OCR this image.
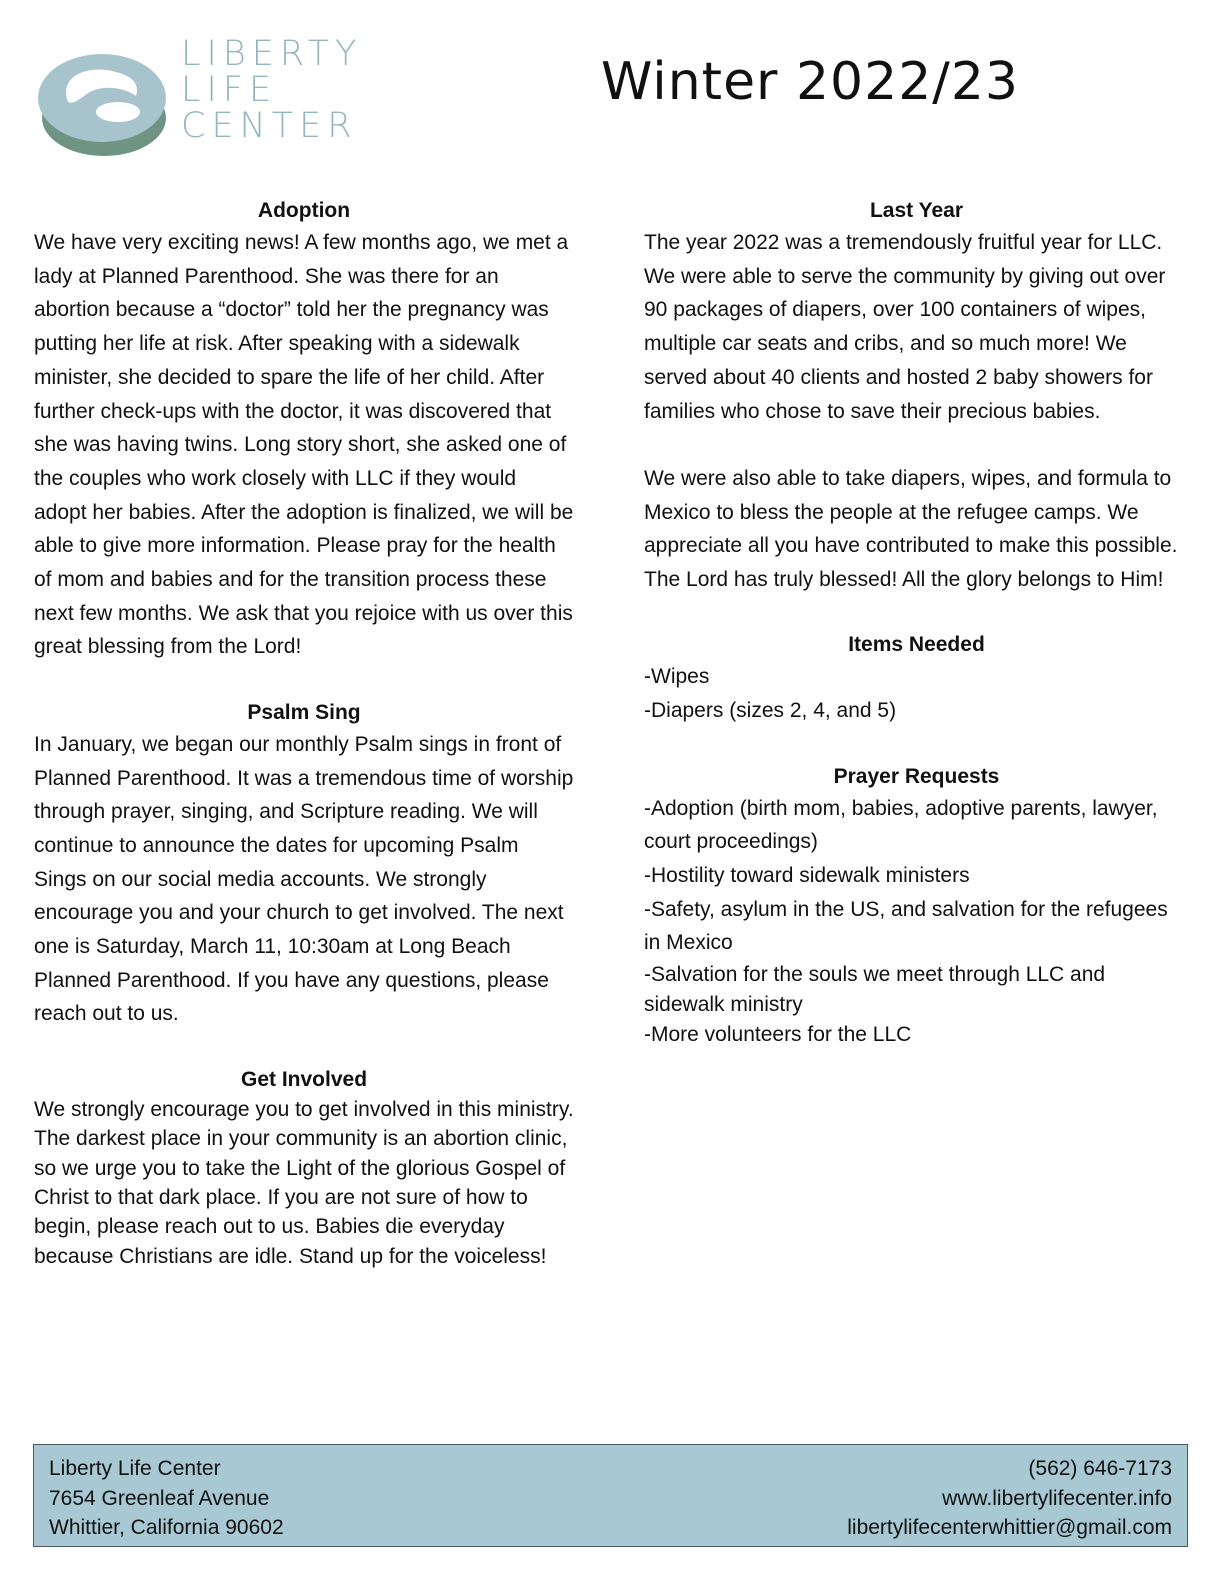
LIBERTY
LIFE
CENTER
Winter 2022/23
Adoption

We have very exciting news! A few months ago, we met a lady at Planned Parenthood. She was there for an abortion because a “doctor” told her the pregnancy was putting her life at risk. After speaking with a sidewalk minister, she decided to spare the life of her child. After further check-ups with the doctor, it was discovered that she was having twins. Long story short, she asked one of the couples who work closely with LLC if they would adopt her babies. After the adoption is finalized, we will be able to give more information. Please pray for the health of mom and babies and for the transition process these next few months. We ask that you rejoice with us over this great blessing from the Lord!

Psalm Sing

In January, we began our monthly Psalm sings in front of Planned Parenthood. It was a tremendous time of worship through prayer, singing, and Scripture reading. We will continue to announce the dates for upcoming Psalm Sings on our social media accounts. We strongly encourage you and your church to get involved. The next one is Saturday, March 11, 10:30am at Long Beach Planned Parenthood. If you have any questions, please reach out to us.

Get Involved

We strongly encourage you to get involved in this ministry. The darkest place in your community is an abortion clinic, so we urge you to take the Light of the glorious Gospel of Christ to that dark place. If you are not sure of how to begin, please reach out to us. Babies die everyday because Christians are idle. Stand up for the voiceless!

Last Year

The year 2022 was a tremendously fruitful year for LLC. We were able to serve the community by giving out over 90 packages of diapers, over 100 containers of wipes, multiple car seats and cribs, and so much more! We served about 40 clients and hosted 2 baby showers for families who chose to save their precious babies.

We were also able to take diapers, wipes, and formula to Mexico to bless the people at the refugee camps. We appreciate all you have contributed to make this possible. The Lord has truly blessed! All the glory belongs to Him!

Items Needed

-Wipes

-Diapers (sizes 2, 4, and 5)

Prayer Requests

-Adoption (birth mom, babies, adoptive parents, lawyer, court proceedings)

-Hostility toward sidewalk ministers

-Safety, asylum in the US, and salvation for the refugees in Mexico

-Salvation for the souls we meet through LLC and sidewalk ministry

-More volunteers for the LLC

Liberty Life Center
7654 Greenleaf Avenue
Whittier, California 90602
(562) 646-7173
www.libertylifecenter.info
libertylifecenterwhittier@gmail.com
